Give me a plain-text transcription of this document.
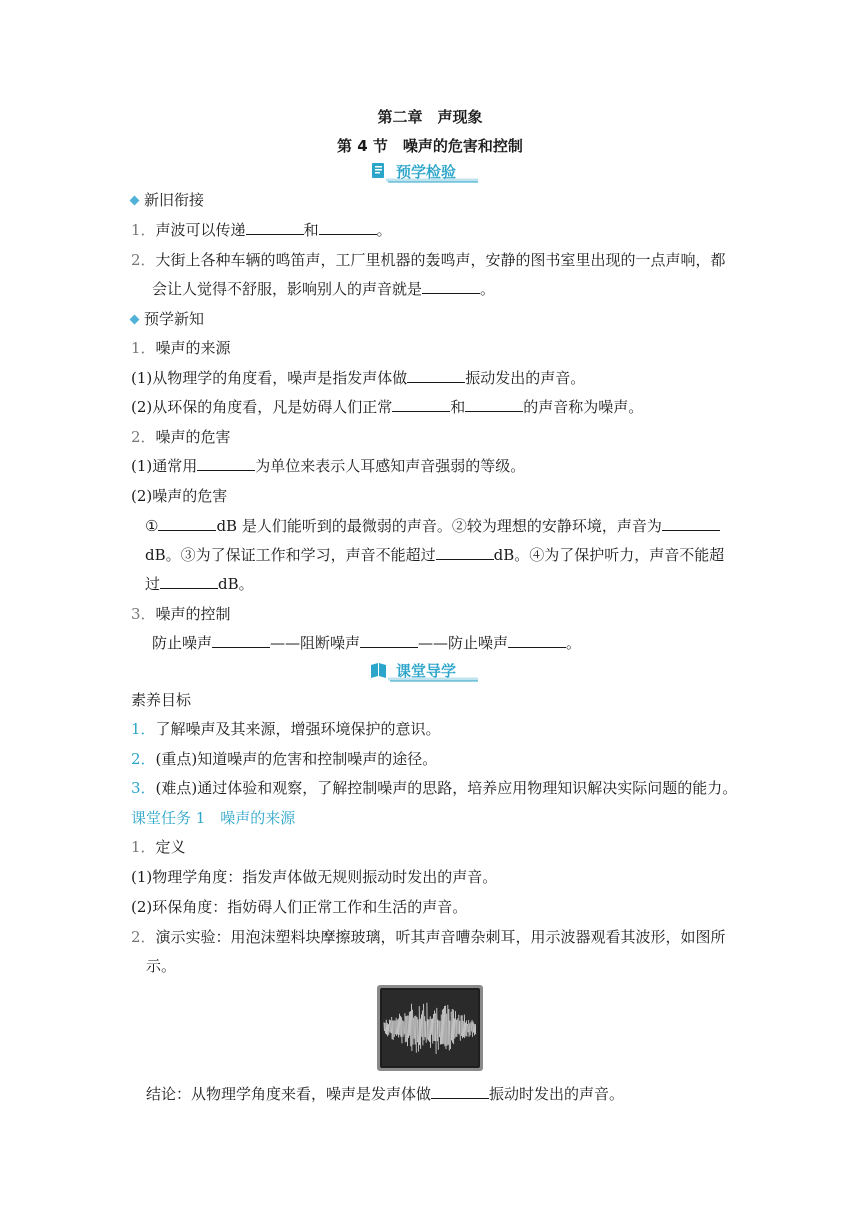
第二章　声现象
第 4 节　噪声的危害和控制
预学检验
新旧衔接
1．声波可以传递	和	。
2．大街上各种车辆的鸣笛声，工厂里机器的轰鸣声，安静的图书室里出现的一点声响，都
会让人觉得不舒服，影响别人的声音就是	。
预学新知
1．噪声的来源
(1)从物理学的角度看，噪声是指发声体做	振动发出的声音。
(2)从环保的角度看，凡是妨碍人们正常	和	的声音称为噪声。
2．噪声的危害
(1)通常用	为单位来表示人耳感知声音强弱的等级。
(2)噪声的危害
①	dB 是人们能听到的最微弱的声音。②较为理想的安静环境，声音为
dB。③为了保证工作和学习，声音不能超过	dB。④为了保护听力，声音不能超
过	dB。
3．噪声的控制
防止噪声	——阻断噪声	——防止噪声	。
课堂导学
素养目标
1．了解噪声及其来源，增强环境保护的意识。
2．(重点)知道噪声的危害和控制噪声的途径。
3．(难点)通过体验和观察，了解控制噪声的思路，培养应用物理知识解决实际问题的能力。
课堂任务 1　噪声的来源
1．定义
(1)物理学角度：指发声体做无规则振动时发出的声音。
(2)环保角度：指妨碍人们正常工作和生活的声音。
2．演示实验：用泡沫塑料块摩擦玻璃，听其声音嘈杂刺耳，用示波器观看其波形，如图所
示。
结论：从物理学角度来看，噪声是发声体做	振动时发出的声音。
